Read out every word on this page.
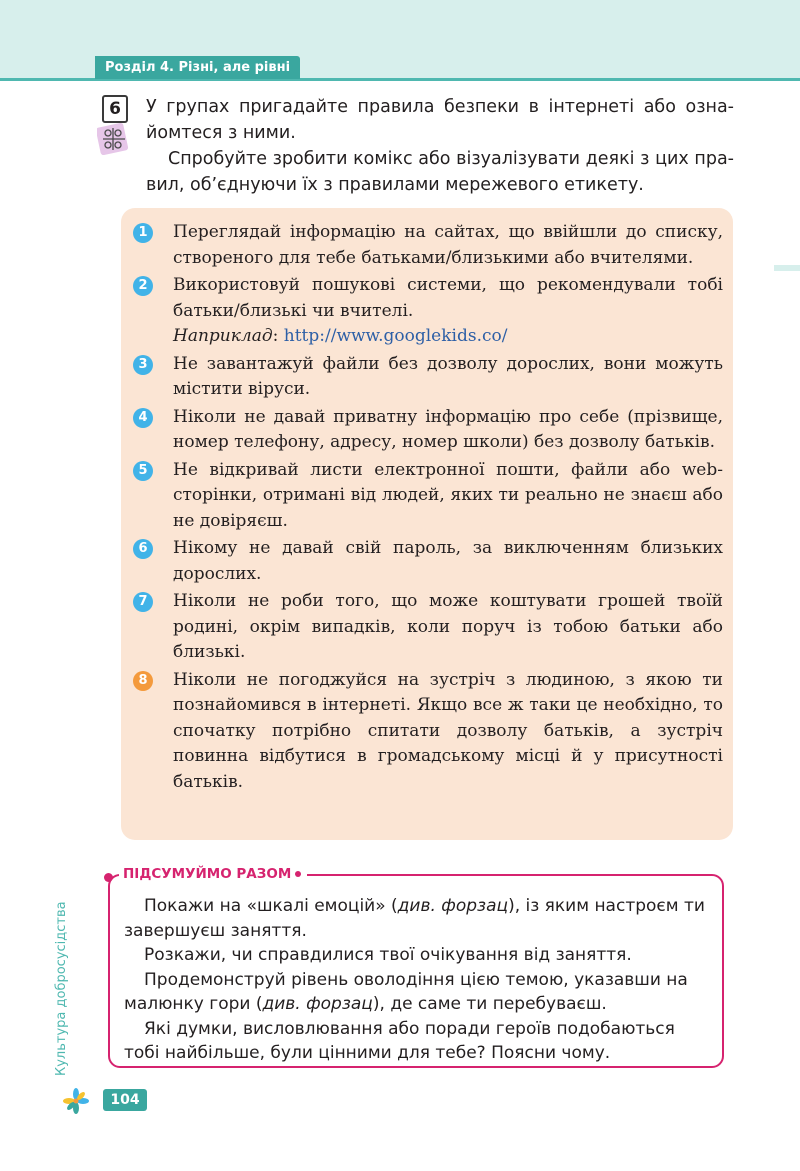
Розділ 4. Різні, але рівні
6	У групах пригадайте правила безпеки в інтернеті або ознайомтеся з ними.

Спробуйте зробити комікс або візуалізувати деякі з цих правил, об’єднуючи їх з правилами мережевого етикету.

1	Переглядай інформацію на сайтах, що ввійшли до списку, створеного для тебе батьками/близькими або вчителями.
2	Використовуй пошукові системи, що рекомендували тобі батьки/близькі чи вчителі.
Наприклад: http://www.googlekids.co/
3	Не завантажуй файли без дозволу дорослих, вони можуть містити віруси.
4	Ніколи не давай приватну інформацію про себе (прізвище, номер телефону, адресу, номер школи) без дозволу батьків.
5	Не відкривай листи електронної пошти, файли або web-сторінки, отримані від людей, яких ти реально не знаєш або не довіряєш.
6	Нікому не давай свій пароль, за виключенням близьких дорослих.
7	Ніколи не роби того, що може коштувати грошей твоїй родині, окрім випадків, коли поруч із тобою батьки або близькі.
8	Ніколи не погоджуйся на зустріч з людиною, з якою ти познайомився в інтернеті. Якщо все ж таки це необхідно, то спочатку потрібно спитати дозволу батьків, а зустріч повинна відбутися в громадському місці й у присутності батьків.
ПІДСУМУЙМО РАЗОМ

Покажи на «шкалі емоцій» (див. форзац), із яким настроєм ти завершуєш заняття.

Розкажи, чи справдилися твої очікування від заняття.

Продемонструй рівень оволодіння цією темою, указавши на малюнку гори (див. форзац), де саме ти перебуваєш.

Які думки, висловлювання або поради героїв подобаються тобі найбільше, були цінними для тебе? Поясни чому.

Культура добросусідства
104
